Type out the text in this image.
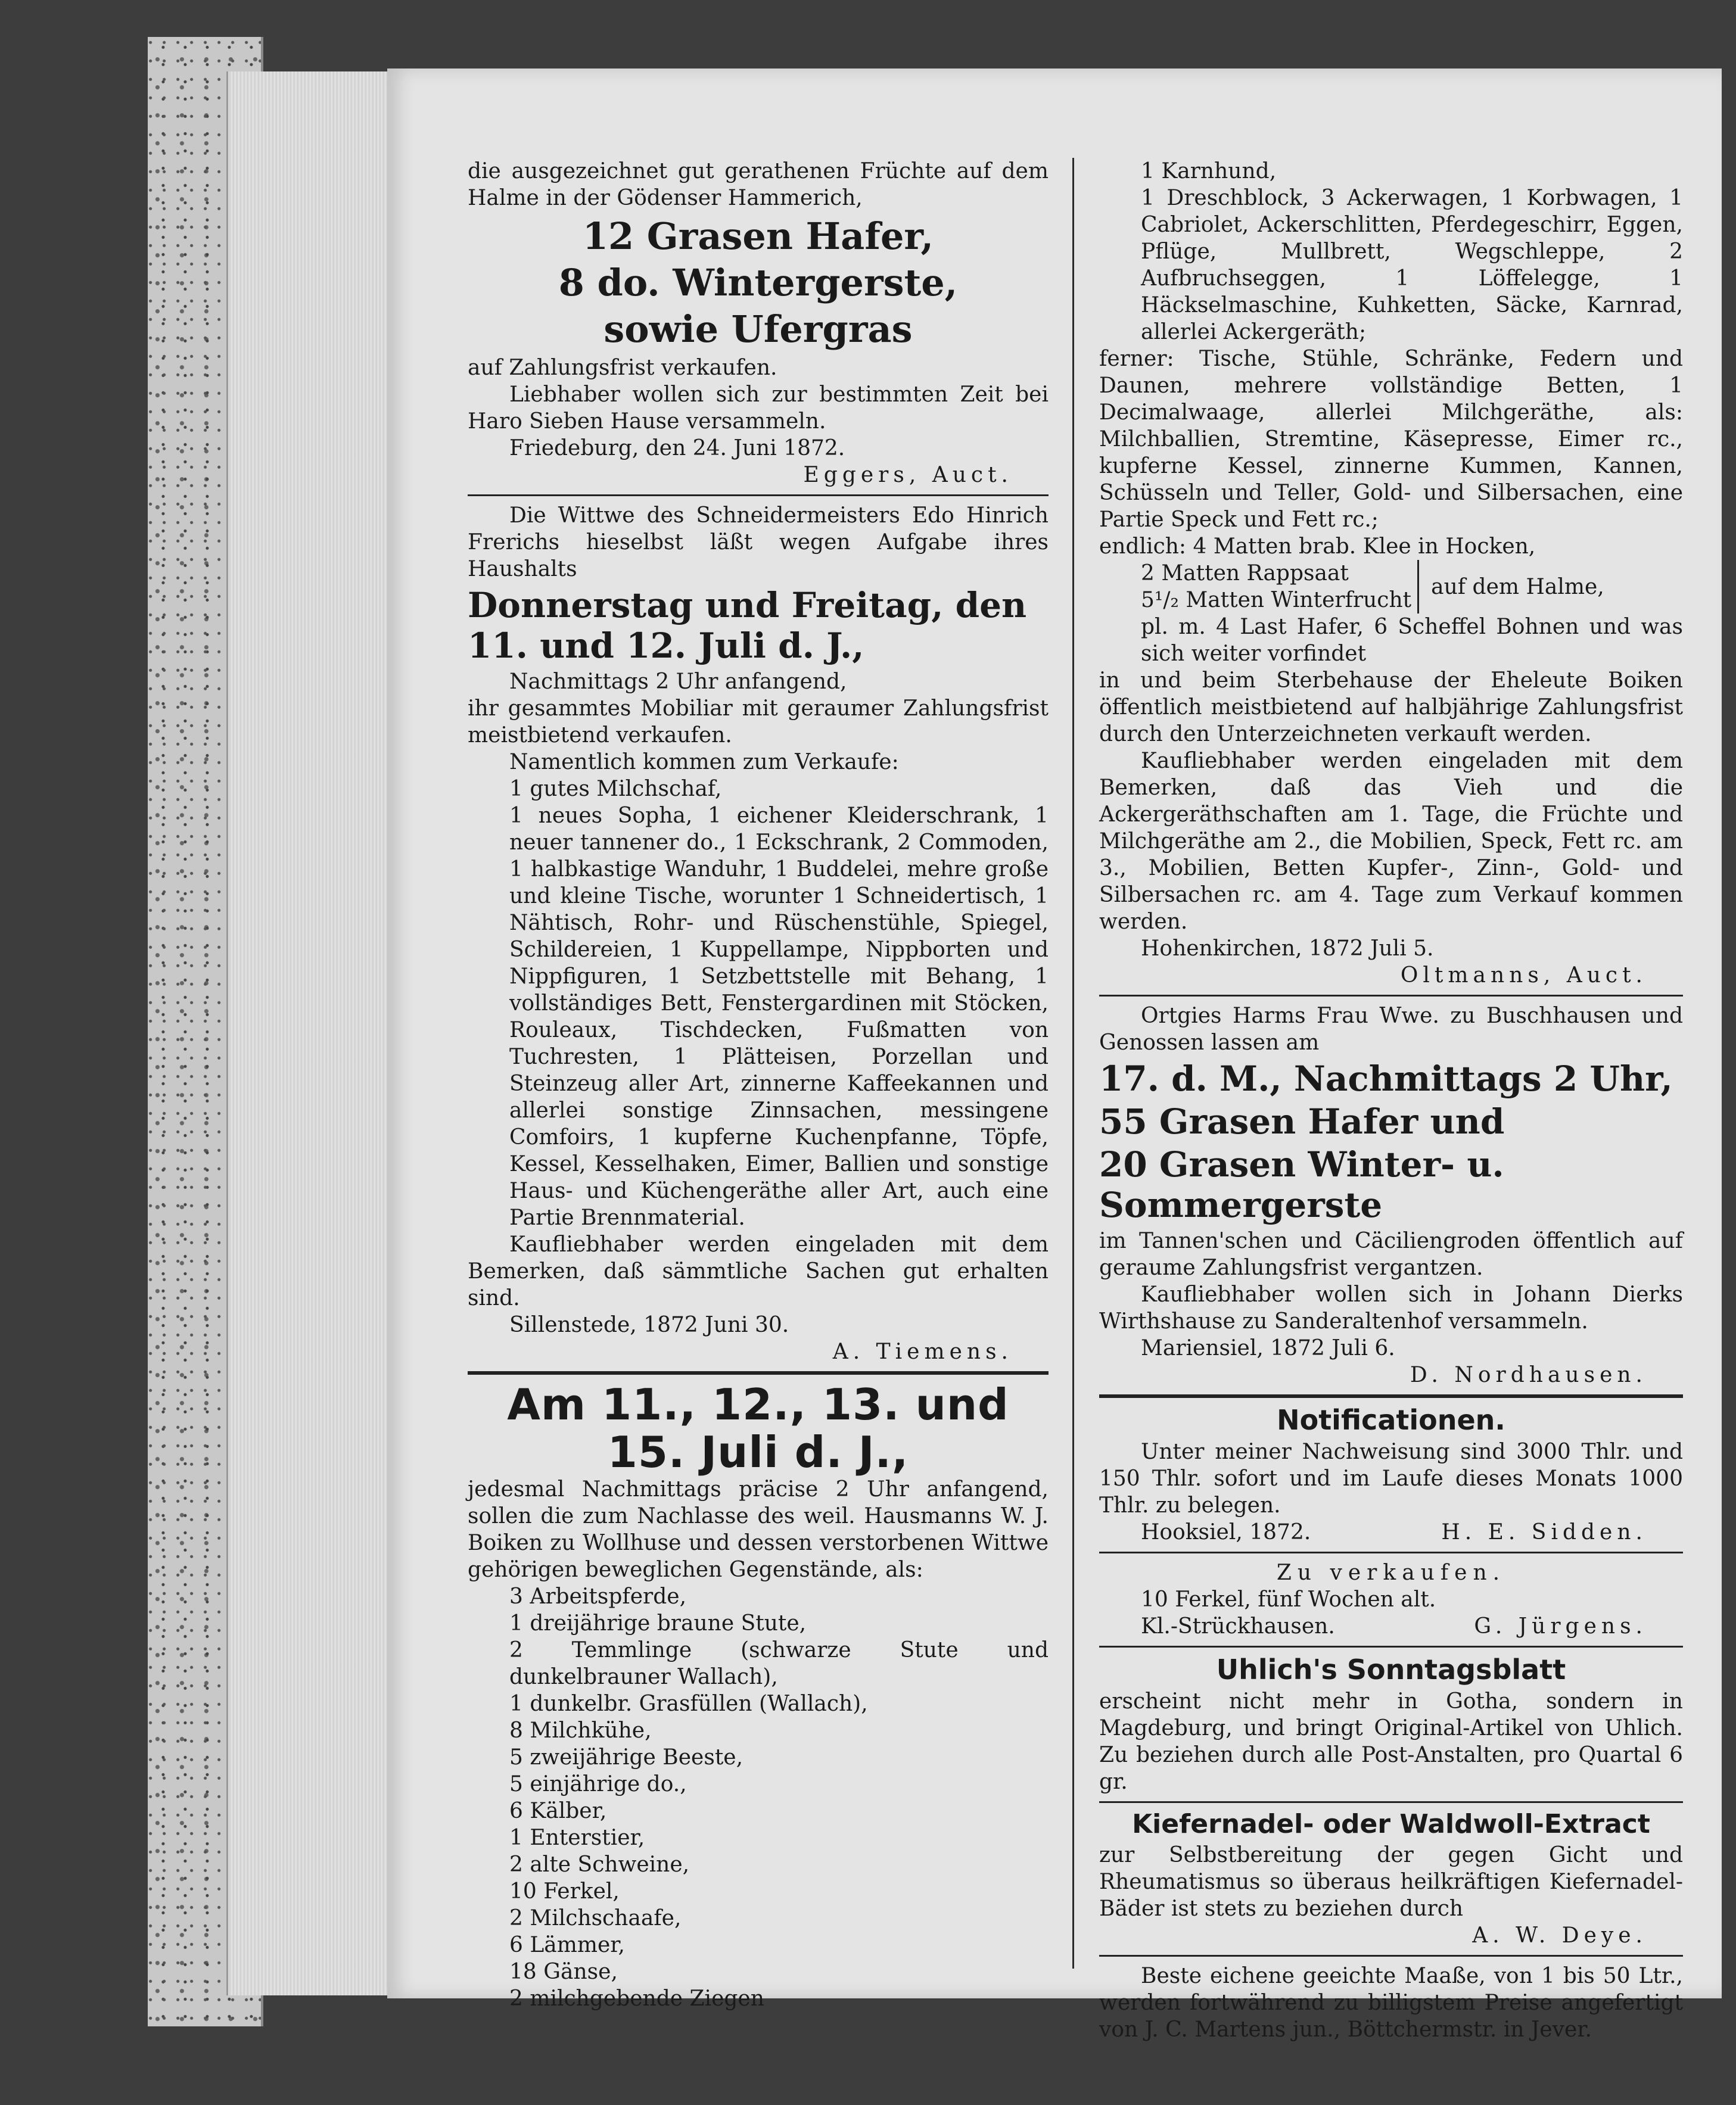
die ausgezeichnet gut gerathenen Früchte auf dem Halme in der Gödenser Hammerich,

12 Grasen Hafer,
8 do. Wintergerste,
sowie Ufergras

auf Zahlungsfrist verkaufen.

Liebhaber wollen sich zur bestimmten Zeit bei Haro Sieben Hause versammeln.

Friedeburg, den 24. Juni 1872.

Eggers, Auct.

Die Wittwe des Schneidermeisters Edo Hinrich Frerichs hieselbst läßt wegen Aufgabe ihres Haushalts

Donnerstag und Freitag, den 11. und 12. Juli d. J.,

Nachmittags 2 Uhr anfangend,

ihr gesammtes Mobiliar mit geraumer Zahlungsfrist meistbietend verkaufen.

Namentlich kommen zum Verkaufe:

1 gutes Milchschaf,

1 neues Sopha, 1 eichener Kleiderschrank, 1 neuer tannener do., 1 Eckschrank, 2 Commoden, 1 halbkastige Wanduhr, 1 Buddelei, mehre große und kleine Tische, worunter 1 Schneidertisch, 1 Nähtisch, Rohr- und Rüschenstühle, Spiegel, Schildereien, 1 Kuppellampe, Nippborten und Nippfiguren, 1 Setzbettstelle mit Behang, 1 vollständiges Bett, Fenstergardinen mit Stöcken, Rouleaux, Tischdecken, Fußmatten von Tuchresten, 1 Plätteisen, Porzellan und Steinzeug aller Art, zinnerne Kaffeekannen und allerlei sonstige Zinnsachen, messingene Comfoirs, 1 kupferne Kuchenpfanne, Töpfe, Kessel, Kesselhaken, Eimer, Ballien und sonstige Haus- und Küchengeräthe aller Art, auch eine Partie Brennmaterial.

Kaufliebhaber werden eingeladen mit dem Bemerken, daß sämmtliche Sachen gut erhalten sind.

Sillenstede, 1872 Juni 30.

A. Tiemens.

Am 11., 12., 13. und 15. Juli d. J.,

jedesmal Nachmittags präcise 2 Uhr anfangend, sollen die zum Nachlasse des weil. Hausmanns W. J. Boiken zu Wollhuse und dessen verstorbenen Wittwe gehörigen beweglichen Gegenstände, als:

3 Arbeitspferde,

1 dreijährige braune Stute,

2 Temmlinge (schwarze Stute und dunkelbrauner Wallach),

1 dunkelbr. Grasfüllen (Wallach),

8 Milchkühe,

5 zweijährige Beeste,

5 einjährige do.,

6 Kälber,

1 Enterstier,

2 alte Schweine,

10 Ferkel,

2 Milchschaafe,

6 Lämmer,

18 Gänse,

2 milchgebende Ziegen

1 Karnhund,

1 Dreschblock, 3 Ackerwagen, 1 Korbwagen, 1 Cabriolet, Ackerschlitten, Pferdegeschirr, Eggen, Pflüge, Mullbrett, Wegschleppe, 2 Aufbruchseggen, 1 Löffelegge, 1 Häckselmaschine, Kuhketten, Säcke, Karnrad, allerlei Ackergeräth;

ferner: Tische, Stühle, Schränke, Federn und Daunen, mehrere vollständige Betten, 1 Decimalwaage, allerlei Milchgeräthe, als: Milchballien, Stremtine, Käsepresse, Eimer rc., kupferne Kessel, zinnerne Kummen, Kannen, Schüsseln und Teller, Gold- und Silbersachen, eine Partie Speck und Fett rc.;

endlich: 4 Matten brab. Klee in Hocken,

2 Matten Rappsaat

5¹/₂ Matten Winterfrucht

auf dem Halme,

pl. m. 4 Last Hafer, 6 Scheffel Bohnen und was sich weiter vorfindet

in und beim Sterbehause der Eheleute Boiken öffentlich meistbietend auf halbjährige Zahlungsfrist durch den Unterzeichneten verkauft werden.

Kaufliebhaber werden eingeladen mit dem Bemerken, daß das Vieh und die Ackergeräthschaften am 1. Tage, die Früchte und Milchgeräthe am 2., die Mobilien, Speck, Fett rc. am 3., Mobilien, Betten Kupfer-, Zinn-, Gold- und Silbersachen rc. am 4. Tage zum Verkauf kommen werden.

Hohenkirchen, 1872 Juli 5.

Oltmanns, Auct.

Ortgies Harms Frau Wwe. zu Buschhausen und Genossen lassen am

17. d. M., Nachmittags 2 Uhr,
55 Grasen Hafer und
20 Grasen Winter- u. Sommergerste

im Tannen'schen und Cäciliengroden öffentlich auf geraume Zahlungsfrist vergantzen.

Kaufliebhaber wollen sich in Johann Dierks Wirthshause zu Sanderaltenhof versammeln.

Mariensiel, 1872 Juli 6.

D. Nordhausen.

Notificationen.

Unter meiner Nachweisung sind 3000 Thlr. und 150 Thlr. sofort und im Laufe dieses Monats 1000 Thlr. zu belegen.

Hooksiel, 1872.	H. E. Sidden.

Zu verkaufen.

10 Ferkel, fünf Wochen alt.

Kl.-Strückhausen.	G. Jürgens.

Uhlich's Sonntagsblatt

erscheint nicht mehr in Gotha, sondern in Magdeburg, und bringt Original-Artikel von Uhlich. Zu beziehen durch alle Post-Anstalten, pro Quartal 6 gr.

Kiefernadel- oder Waldwoll-Extract

zur Selbstbereitung der gegen Gicht und Rheumatismus so überaus heilkräftigen Kiefernadel-Bäder ist stets zu beziehen durch

A. W. Deye.

Beste eichene geeichte Maaße, von 1 bis 50 Ltr., werden fortwährend zu billigstem Preise angefertigt von J. C. Martens jun., Böttchermstr. in Jever.
